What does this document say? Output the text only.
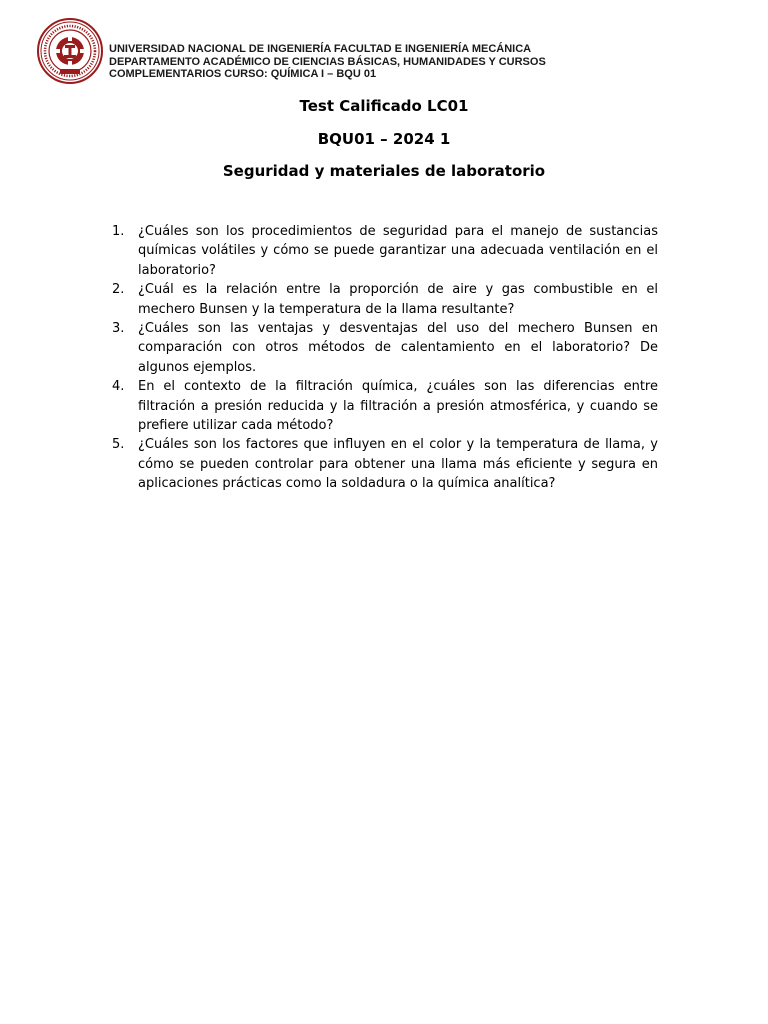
UNIVERSIDAD NACIONAL DE INGENIERÍA FACULTAD E INGENIERÍA MECÁNICA
DEPARTAMENTO ACADÉMICO DE CIENCIAS BÁSICAS, HUMANIDADES Y CURSOS
COMPLEMENTARIOS CURSO: QUÍMICA I – BQU 01
Test Calificado LC01
BQU01 – 2024 1
Seguridad y materiales de laboratorio
1. ¿Cuáles son los procedimientos de seguridad para el manejo de sustancias químicas volátiles y cómo se puede garantizar una adecuada ventilación en el laboratorio?
2. ¿Cuál es la relación entre la proporción de aire y gas combustible en el mechero Bunsen y la temperatura de la llama resultante?
3. ¿Cuáles son las ventajas y desventajas del uso del mechero Bunsen en comparación con otros métodos de calentamiento en el laboratorio? De algunos ejemplos.
4. En el contexto de la filtración química, ¿cuáles son las diferencias entre filtración a presión reducida y la filtración a presión atmosférica, y cuando se prefiere utilizar cada método?
5. ¿Cuáles son los factores que influyen en el color y la temperatura de llama, y cómo se pueden controlar para obtener una llama más eficiente y segura en aplicaciones prácticas como la soldadura o la química analítica?
